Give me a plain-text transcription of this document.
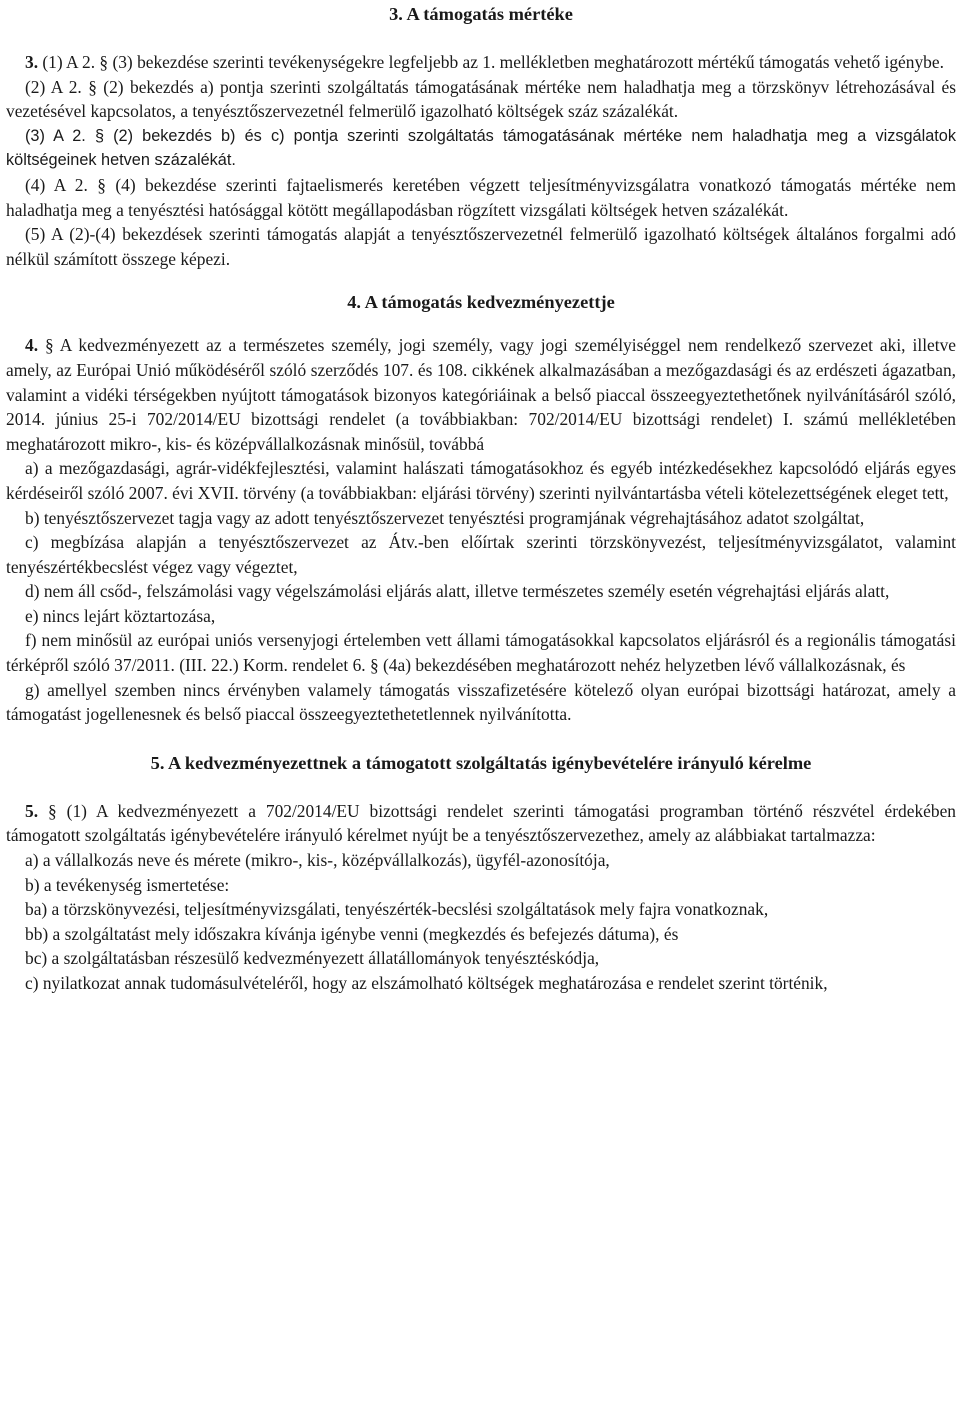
3. A támogatás mértéke

3. (1) A 2. § (3) bekezdése szerinti tevékenységekre legfeljebb az 1. mellékletben meghatározott mértékű támogatás vehető igénybe.

(2) A 2. § (2) bekezdés a) pontja szerinti szolgáltatás támogatásának mértéke nem haladhatja meg a törzskönyv létrehozásával és vezetésével kapcsolatos, a tenyésztőszervezetnél felmerülő igazolható költségek száz százalékát.

(3) A 2. § (2) bekezdés b) és c) pontja szerinti szolgáltatás támogatásának mértéke nem haladhatja meg a vizsgálatok költségeinek hetven százalékát.

(4) A 2. § (4) bekezdése szerinti fajtaelismerés keretében végzett teljesítményvizsgálatra vonatkozó támogatás mértéke nem haladhatja meg a tenyésztési hatósággal kötött megállapodásban rögzített vizsgálati költségek hetven százalékát.

(5) A (2)-(4) bekezdések szerinti támogatás alapját a tenyésztőszervezetnél felmerülő igazolható költségek általános forgalmi adó nélkül számított összege képezi.

4. A támogatás kedvezményezettje

4. § A kedvezményezett az a természetes személy, jogi személy, vagy jogi személyiséggel nem rendelkező szervezet aki, illetve amely, az Európai Unió működéséről szóló szerződés 107. és 108. cikkének alkalmazásában a mezőgazdasági és az erdészeti ágazatban, valamint a vidéki térségekben nyújtott támogatások bizonyos kategóriáinak a belső piaccal összeegyeztethetőnek nyilvánításáról szóló, 2014. június 25-i 702/2014/EU bizottsági rendelet (a továbbiakban: 702/2014/EU bizottsági rendelet) I. számú mellékletében meghatározott mikro-, kis- és középvállalkozásnak minősül, továbbá

a) a mezőgazdasági, agrár-vidékfejlesztési, valamint halászati támogatásokhoz és egyéb intézkedésekhez kapcsolódó eljárás egyes kérdéseiről szóló 2007. évi XVII. törvény (a továbbiakban: eljárási törvény) szerinti nyilvántartásba vételi kötelezettségének eleget tett,

b) tenyésztőszervezet tagja vagy az adott tenyésztőszervezet tenyésztési programjának végrehajtásához adatot szolgáltat,

c) megbízása alapján a tenyésztőszervezet az Átv.-ben előírtak szerinti törzskönyvezést, teljesítményvizsgálatot, valamint tenyészértékbecslést végez vagy végeztet,

d) nem áll csőd-, felszámolási vagy végelszámolási eljárás alatt, illetve természetes személy esetén végrehajtási eljárás alatt,

e) nincs lejárt köztartozása,

f) nem minősül az európai uniós versenyjogi értelemben vett állami támogatásokkal kapcsolatos eljárásról és a regionális támogatási térképről szóló 37/2011. (III. 22.) Korm. rendelet 6. § (4a) bekezdésében meghatározott nehéz helyzetben lévő vállalkozásnak, és

g) amellyel szemben nincs érvényben valamely támogatás visszafizetésére kötelező olyan európai bizottsági határozat, amely a támogatást jogellenesnek és belső piaccal összeegyeztethetetlennek nyilvánította.

5. A kedvezményezettnek a támogatott szolgáltatás igénybevételére irányuló kérelme

5. § (1) A kedvezményezett a 702/2014/EU bizottsági rendelet szerinti támogatási programban történő részvétel érdekében támogatott szolgáltatás igénybevételére irányuló kérelmet nyújt be a tenyésztőszervezethez, amely az alábbiakat tartalmazza:

a) a vállalkozás neve és mérete (mikro-, kis-, középvállalkozás), ügyfél-azonosítója,

b) a tevékenység ismertetése:

ba) a törzskönyvezési, teljesítményvizsgálati, tenyészérték-becslési szolgáltatások mely fajra vonatkoznak,

bb) a szolgáltatást mely időszakra kívánja igénybe venni (megkezdés és befejezés dátuma), és

bc) a szolgáltatásban részesülő kedvezményezett állatállományok tenyésztéskódja,

c) nyilatkozat annak tudomásulvételéről, hogy az elszámolható költségek meghatározása e rendelet szerint történik,
